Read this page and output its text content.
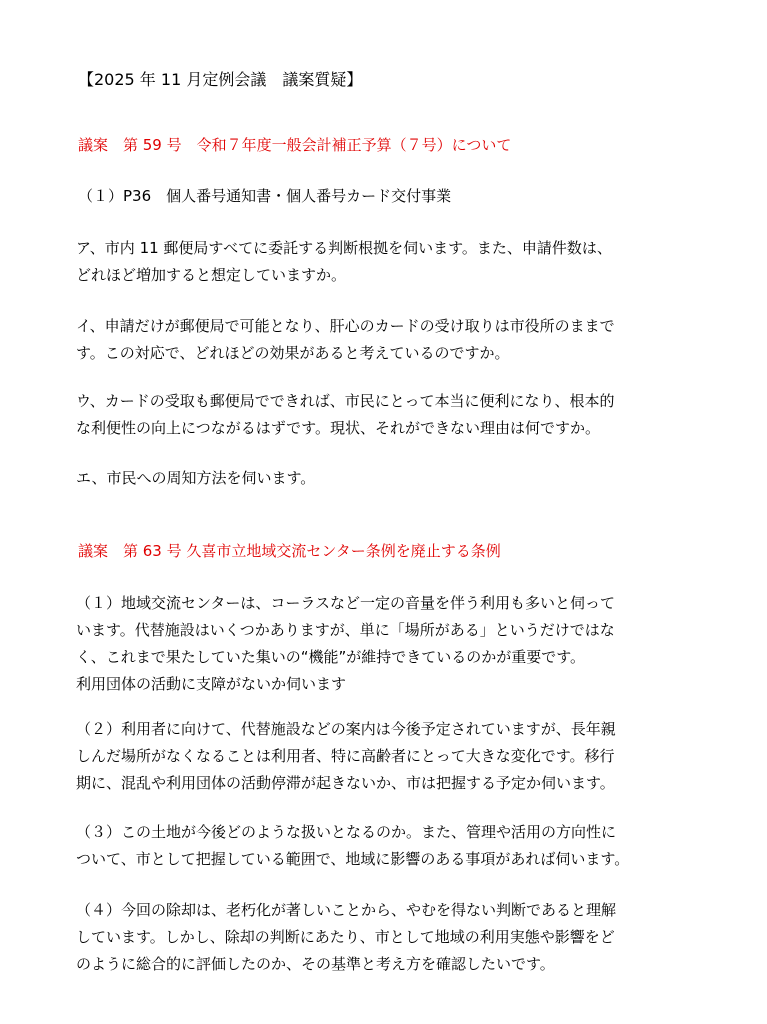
【2025 年 11 月定例会議　議案質疑】
議案　第 59 号　令和７年度一般会計補正予算（７号）について
（１）P36　個人番号通知書・個人番号カード交付事業
ア、市内 11 郵便局すべてに委託する判断根拠を伺います。また、申請件数は、
どれほど増加すると想定していますか。
イ、申請だけが郵便局で可能となり、肝心のカードの受け取りは市役所のままで
す。この対応で、どれほどの効果があると考えているのですか。
ウ、カードの受取も郵便局でできれば、市民にとって本当に便利になり、根本的
な利便性の向上につながるはずです。現状、それができない理由は何ですか。
エ、市民への周知方法を伺います。
議案　第 63 号 久喜市立地域交流センター条例を廃止する条例
（１）地域交流センターは、コーラスなど一定の音量を伴う利用も多いと伺って
います。代替施設はいくつかありますが、単に「場所がある」というだけではな
く、これまで果たしていた集いの“機能”が維持できているのかが重要です。
利用団体の活動に支障がないか伺います
（２）利用者に向けて、代替施設などの案内は今後予定されていますが、長年親
しんだ場所がなくなることは利用者、特に高齢者にとって大きな変化です。移行
期に、混乱や利用団体の活動停滞が起きないか、市は把握する予定か伺います。
（３）この土地が今後どのような扱いとなるのか。また、管理や活用の方向性に
ついて、市として把握している範囲で、地域に影響のある事項があれば伺います。
（４）今回の除却は、老朽化が著しいことから、やむを得ない判断であると理解
しています。しかし、除却の判断にあたり、市として地域の利用実態や影響をど
のように総合的に評価したのか、その基準と考え方を確認したいです。
